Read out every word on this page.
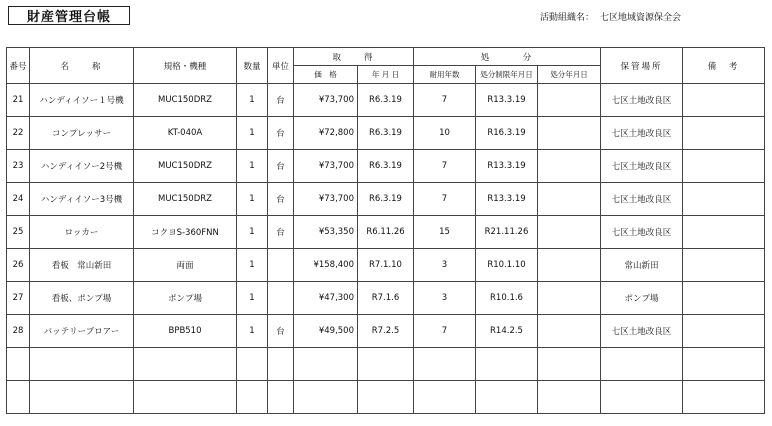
財産管理台帳	活動組織名： 七区地域資源保全会
番号	名　　称	規格・機種	数量	単位	取　　得		処　　　分			保管場所	備　考
					価　格	年 月 日	耐用年数	処分制限年月日	処分年月日		
21	ハンディイソー１号機	MUC150DRZ	1	台	¥73,700	R6.3.19	7	R13.3.19		七区土地改良区	
22	コンプレッサー	KT-040A	1	台	¥72,800	R6.3.19	10	R16.3.19		七区土地改良区	
23	ハンディイソー2号機	MUC150DRZ	1	台	¥73,700	R6.3.19	7	R13.3.19		七区土地改良区	
24	ハンディイソー3号機	MUC150DRZ	1	台	¥73,700	R6.3.19	7	R13.3.19		七区土地改良区	
25	ロッカー	コクヨS-360FNN	1	台	¥53,350	R6.11.26	15	R21.11.26		七区土地改良区	
26	看板　常山新田	両面	1		¥158,400	R7.1.10	3	R10.1.10		常山新田	
27	看板、ポンプ場	ポンプ場	1		¥47,300	R7.1.6	3	R10.1.6		ポンプ場	
28	バッテリーブロアー	BPB510	1	台	¥49,500	R7.2.5	7	R14.2.5		七区土地改良区	
